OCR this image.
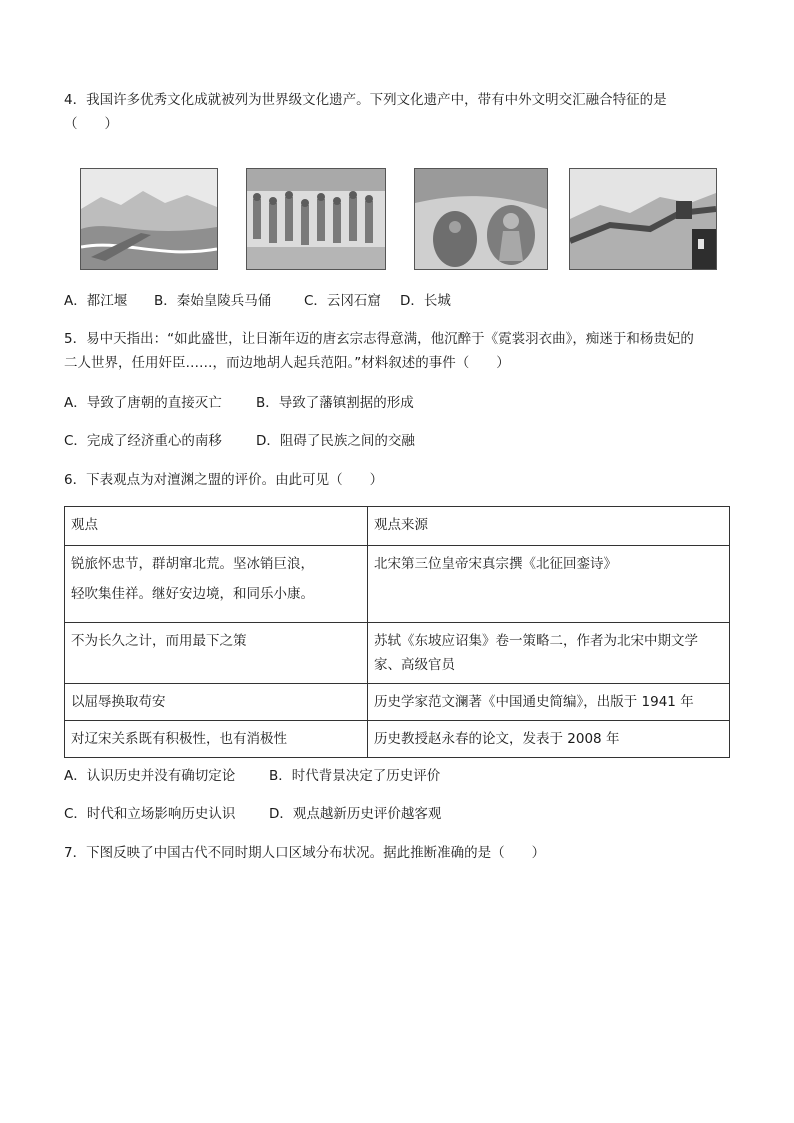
4．我国许多优秀文化成就被列为世界级文化遗产。下列文化遗产中，带有中外文明交汇融合特征的是
（　　）
A．都江堰 B．秦始皇陵兵马俑 C．云冈石窟 D．长城
5．易中天指出：“如此盛世，让日渐年迈的唐玄宗志得意满，他沉醉于《霓裳羽衣曲》，痴迷于和杨贵妃的
二人世界，任用奸臣……，而边地胡人起兵范阳。”材料叙述的事件（　　）
A．导致了唐朝的直接灭亡	B．导致了藩镇割据的形成
C．完成了经济重心的南移	D．阻碍了民族之间的交融
6．下表观点为对澶渊之盟的评价。由此可见（　　）
观点	观点来源

锐旅怀忠节，群胡窜北荒。坚冰销巨浪，
轻吹集佳祥。继好安边境，和同乐小康。	北宋第三位皇帝宋真宗撰《北征回銮诗》

不为长久之计，而用最下之策	苏轼《东坡应诏集》卷一策略二，作者为北宋中期文学
家、高级官员

以屈辱换取苟安	历史学家范文澜著《中国通史简编》，出版于 1941 年

对辽宋关系既有积极性，也有消极性	历史教授赵永春的论文，发表于 2008 年
A．认识历史并没有确切定论	B．时代背景决定了历史评价
C．时代和立场影响历史认识 D．观点越新历史评价越客观
7．下图反映了中国古代不同时期人口区域分布状况。据此推断准确的是（　　）
